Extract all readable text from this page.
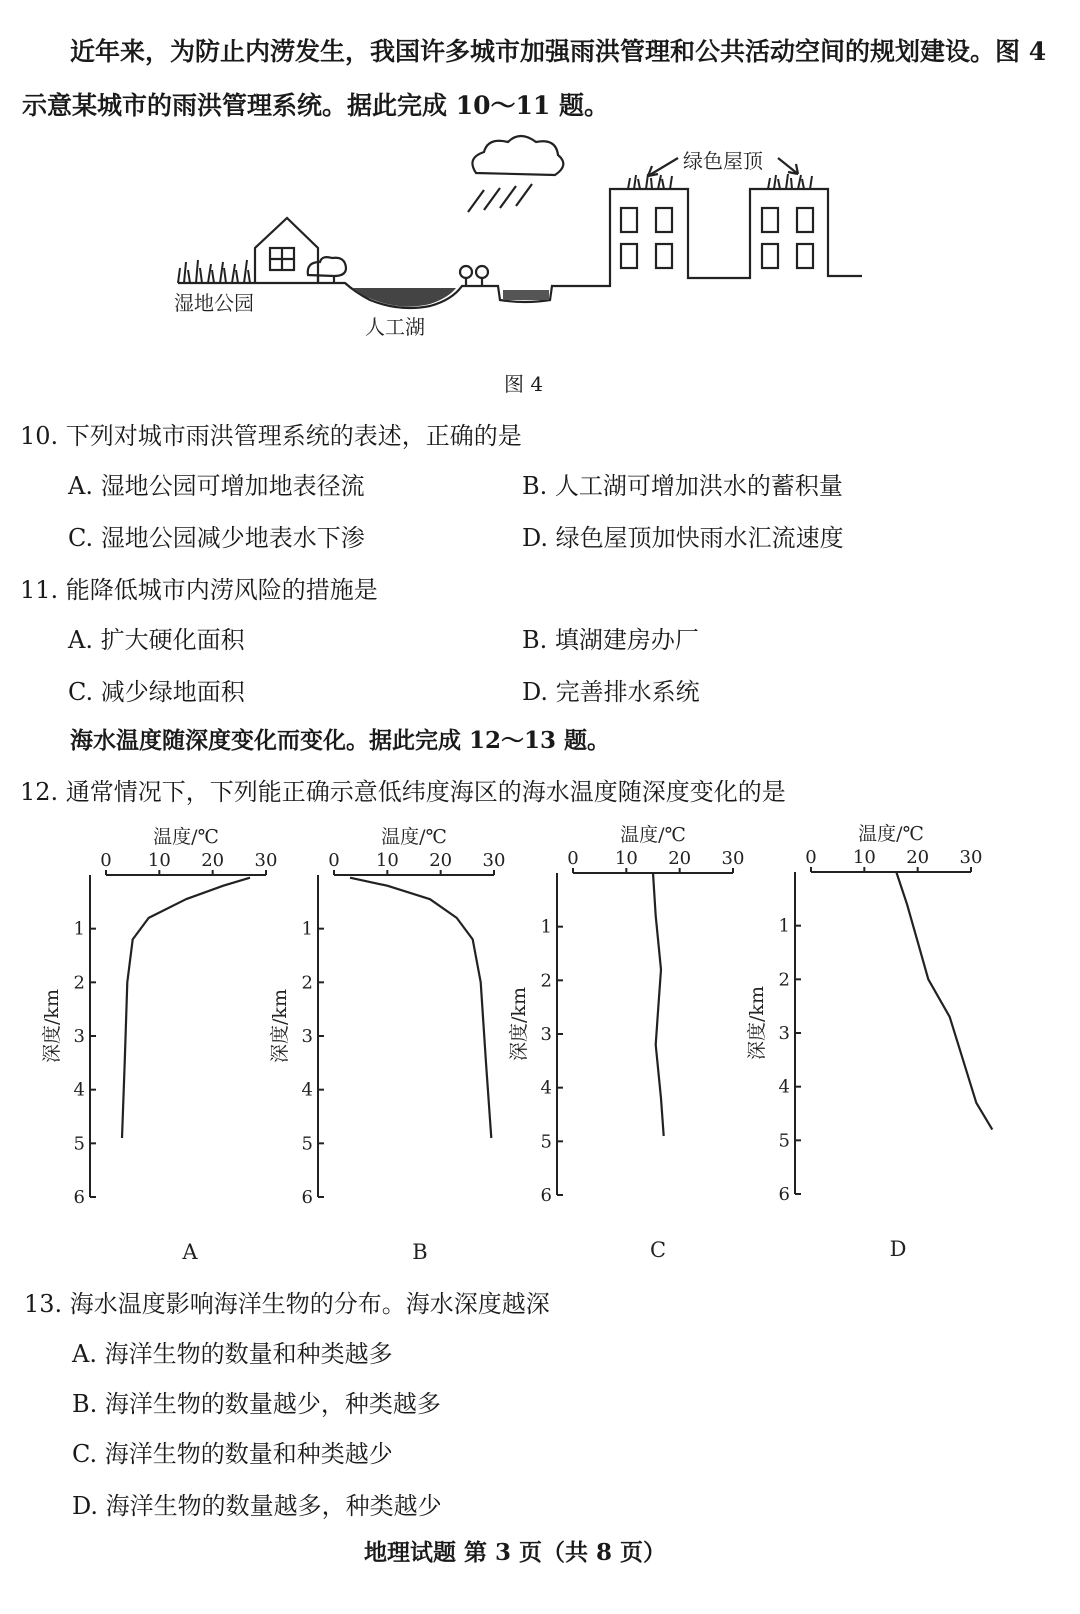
近年来，为防止内涝发生，我国许多城市加强雨洪管理和公共活动空间的规划建设。图 4
示意某城市的雨洪管理系统。据此完成 10～11 题。
绿色屋顶
湿地公园
人工湖
图 4
10. 下列对城市雨洪管理系统的表述，正确的是
A. 湿地公园可增加地表径流	B. 人工湖可增加洪水的蓄积量
C. 湿地公园减少地表水下渗	D. 绿色屋顶加快雨水汇流速度
11. 能降低城市内涝风险的措施是
A. 扩大硬化面积	B. 填湖建房办厂
C. 减少绿地面积	D. 完善排水系统
海水温度随深度变化而变化。据此完成 12～13 题。
12. 通常情况下，下列能正确示意低纬度海区的海水温度随深度变化的是
温度/℃
0 10 20 30
1
2
3
4
5
6
深度/km
A
温度/℃
0 10 20 30
1
2
3
4
5
6
深度/km
B
温度/℃
0 10 20 30
1
2
3
4
5
6
深度/km
C
温度/℃
0 10 20 30
1
2
3
4
5
6
深度/km
D
13. 海水温度影响海洋生物的分布。海水深度越深
A. 海洋生物的数量和种类越多
B. 海洋生物的数量越少，种类越多
C. 海洋生物的数量和种类越少
D. 海洋生物的数量越多，种类越少
地理试题 第 3 页（共 8 页）
